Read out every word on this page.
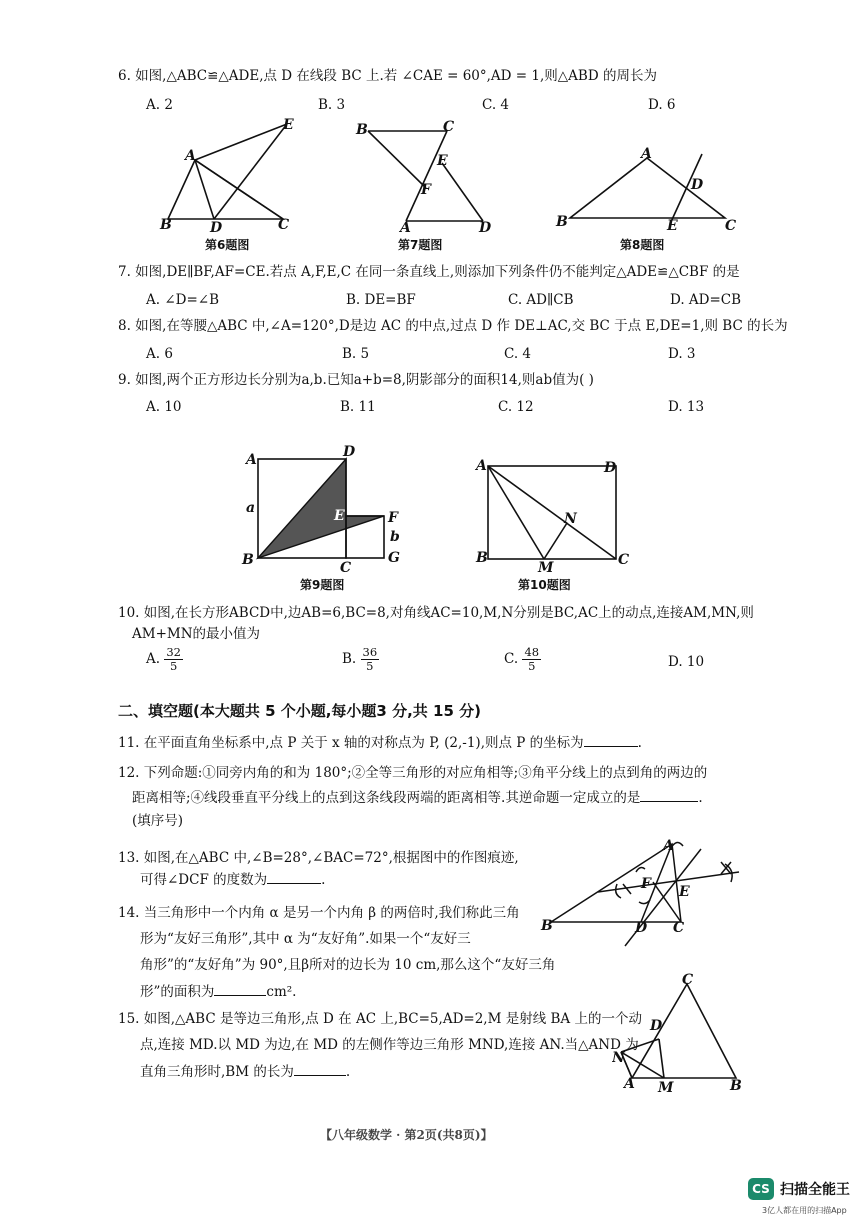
6. 如图,△ABC≌△ADE,点 D 在线段 BC 上.若 ∠CAE = 60°,AD = 1,则△ABD 的周长为
A. 2	B. 3	C. 4	D. 6
A
B	C
D
E
第6题图
B	C
A	D
E
F
第7题图
A
B	C
D
E
第8题图
7. 如图,DE∥BF,AF=CE.若点 A,F,E,C 在同一条直线上,则添加下列条件仍不能判定△ADE≌△CBF 的是
A. ∠D=∠B	B. DE=BF	C. AD∥CB	D. AD=CB
8. 如图,在等腰△ABC 中,∠A=120°,D是边 AC 的中点,过点 D 作 DE⊥AC,交 BC 于点 E,DE=1,则 BC 的长为
A. 6	B. 5	C. 4	D. 3
9. 如图,两个正方形边长分别为a,b.已知a+b=8,阴影部分的面积14,则ab值为( )
A. 10	B. 11	C. 12	D. 13
A
B	C
D
E	F
G
a
b
第9题图
A
B	C
D
M
N
第10题图
10. 如图,在长方形ABCD中,边AB=6,BC=8,对角线AC=10,M,N分别是BC,AC上的动点,连接AM,MN,则
AM+MN的最小值为
A. $\frac{32}{5}$	B. $\frac{36}{5}$	C. $\frac{48}{5}$	D. 10
二、填空题(本大题共 5 个小题,每小题3 分,共 15 分)
11. 在平面直角坐标系中,点 P 关于 x 轴的对称点为 P, (2,-1),则点 P 的坐标为	.
12. 下列命题:①同旁内角的和为 180°;②全等三角形的对应角相等;③角平分线上的点到角的两边的
距离相等;④线段垂直平分线上的点到这条线段两端的距离相等.其逆命题一定成立的是	.
(填序号)
13. 如图,在△ABC 中,∠B=28°,∠BAC=72°,根据图中的作图痕迹,
可得∠DCF 的度数为	.
A
B	C
D
E
F
14. 当三角形中一个内角 α 是另一个内角 β 的两倍时,我们称此三角
形为“友好三角形”,其中 α 为“友好角”.如果一个“友好三
角形”的“友好角”为 90°,且β所对的边长为 10 cm,那么这个“友好三角
形”的面积为	cm².
A	B
C
D
M
N
15. 如图,△ABC 是等边三角形,点 D 在 AC 上,BC=5,AD=2,M 是射线 BA 上的一个动
点,连接 MD.以 MD 为边,在 MD 的左侧作等边三角形 MND,连接 AN.当△AND 为
直角三角形时,BM 的长为	.
【八年级数学 · 第2页(共8页)】
CS 扫描全能王
3亿人都在用的扫描App
